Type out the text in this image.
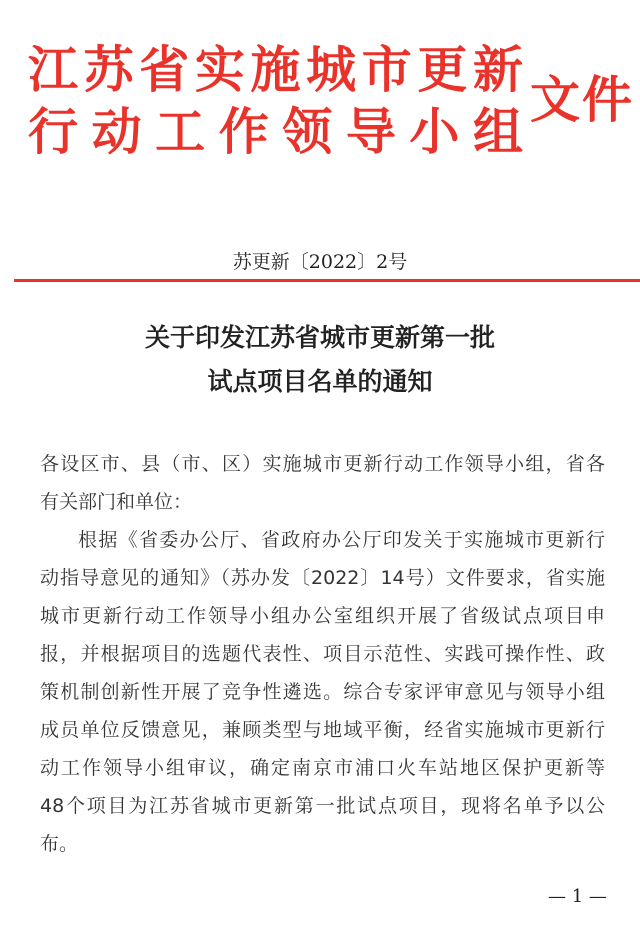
江苏省实施城市更新
行动工作领导小组
文件
苏更新〔2022〕2号
关于印发江苏省城市更新第一批
试点项目名单的通知
各设区市、县（市、区）实施城市更新行动工作领导小组，省各
有关部门和单位：
根据《省委办公厅、省政府办公厅印发关于实施城市更新行
动指导意见的通知》（苏办发〔2022〕14号）文件要求，省实施
城市更新行动工作领导小组办公室组织开展了省级试点项目申
报，并根据项目的选题代表性、项目示范性、实践可操作性、政
策机制创新性开展了竞争性遴选。综合专家评审意见与领导小组
成员单位反馈意见，兼顾类型与地域平衡，经省实施城市更新行
动工作领导小组审议，确定南京市浦口火车站地区保护更新等
48个项目为江苏省城市更新第一批试点项目，现将名单予以公
布。
— 1 —
